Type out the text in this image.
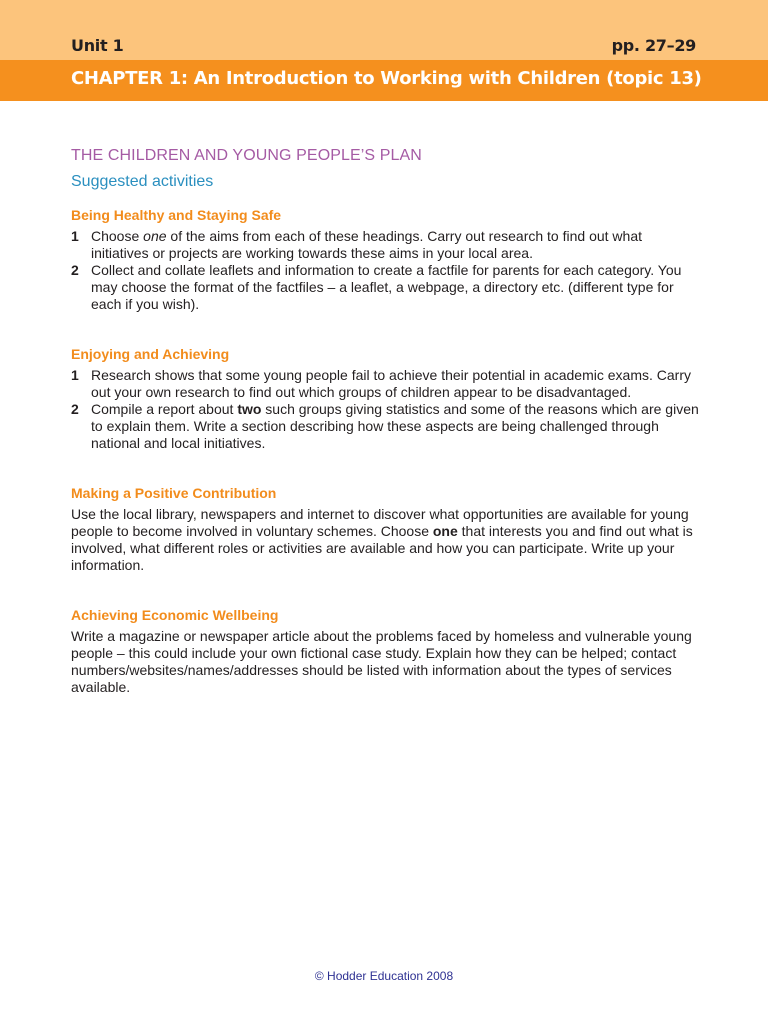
Unit 1	pp. 27–29
CHAPTER 1: An Introduction to Working with Children (topic 13)
THE CHILDREN AND YOUNG PEOPLE’S PLAN

Suggested activities

Being Healthy and Staying Safe
1 Choose one of the aims from each of these headings. Carry out research to find out what initiatives or projects are working towards these aims in your local area.
2 Collect and collate leaflets and information to create a factfile for parents for each category. You may choose the format of the factfiles – a leaflet, a webpage, a directory etc. (different type for each if you wish).
Enjoying and Achieving
1 Research shows that some young people fail to achieve their potential in academic exams. Carry out your own research to find out which groups of children appear to be disadvantaged.
2 Compile a report about two such groups giving statistics and some of the reasons which are given to explain them. Write a section describing how these aspects are being challenged through national and local initiatives.
Making a Positive Contribution

Use the local library, newspapers and internet to discover what opportunities are available for young people to become involved in voluntary schemes. Choose one that interests you and find out what is involved, what different roles or activities are available and how you can participate. Write up your information.

Achieving Economic Wellbeing

Write a magazine or newspaper article about the problems faced by homeless and vulnerable young people – this could include your own fictional case study. Explain how they can be helped; contact numbers/websites/names/addresses should be listed with information about the types of services available.

© Hodder Education 2008
